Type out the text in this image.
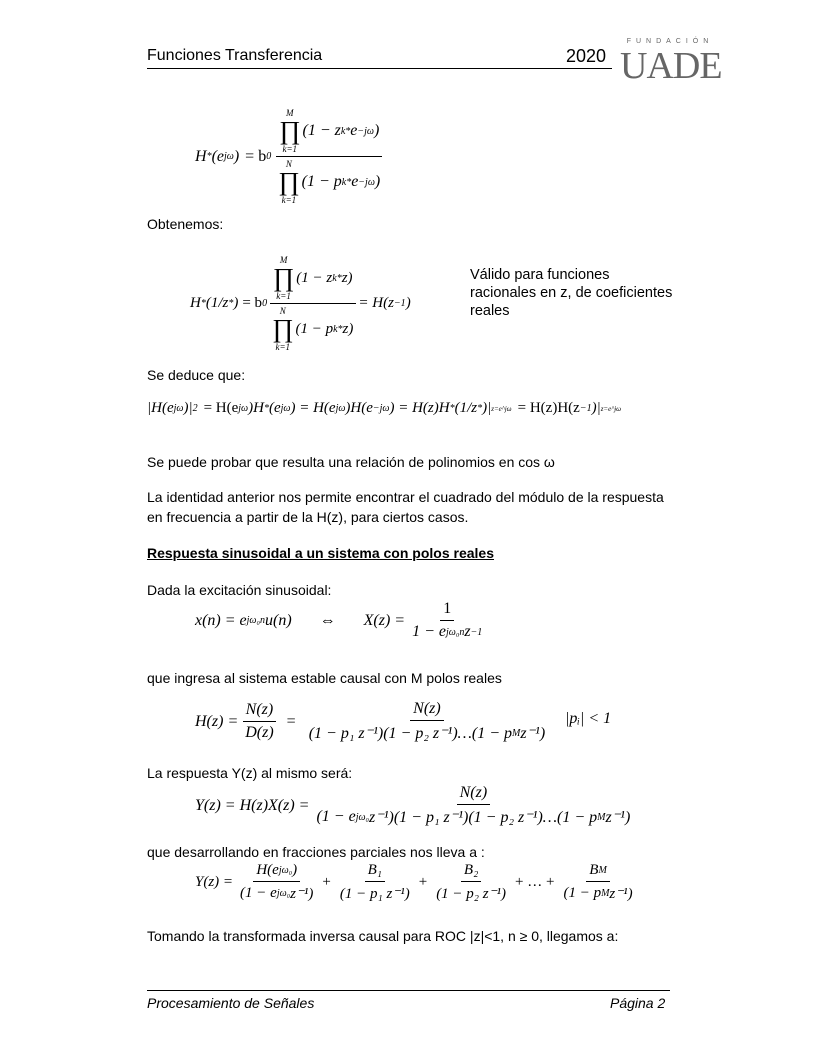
Funciones Transferencia	2020
FUNDACIÓN
UADE
H * (e jω ) = b 0 M
∏
k=1
(1 − z k * e −jω )
N
∏
k=1
(1 − p k * e −jω )
Obtenemos:
H * (1/z * ) = b 0 M
∏
k=1
(1 − z k * z)
N
∏
k=1
(1 − p k * z) = H(z −1 )
Válido para funciones
racionales en z, de coeficientes
reales
Se deduce que:
|H(e jω )| 2 = H(e jω )H * (e jω ) = H(e jω )H(e −jω ) = H(z)H * (1/z * )| z=e^jω = H(z)H(z −1 )| z=e^jω
Se puede probar que resulta una relación de polinomios en cos ω
La identidad anterior nos permite encontrar el cuadrado del módulo de la respuesta
en frecuencia a partir de la H(z), para ciertos casos.
Respuesta sinusoidal a un sistema con polos reales
Dada la excitación sinusoidal:
x(n) = e jω₀n u(n) ⇔ $X(z) = \frac{1}{\text{1 − e jω₀n z −1}}$
que ingresa al sistema estable causal con M polos reales
$H(z) = \frac{N(z)}{D(z)} = \frac{N(z)}{\text{(1 − p₁ z⁻¹)(1 − p₂ z⁻¹)…(1 − p M z⁻¹)}}$ |pᵢ| < 1
La respuesta Y(z) al mismo será:
$Y(z) = H(z)X(z) = \frac{N(z)}{\text{(1 − e jω₀ z⁻¹)(1 − p₁ z⁻¹)(1 − p₂ z⁻¹)…(1 − p M z⁻¹)}}$
que desarrollando en fracciones parciales nos lleva a :
$Y(z) = \frac{\text{H(e jω₀ )}}{\text{(1 − e jω₀ z⁻¹)}} + \frac{\text{B₁}}{\text{(1 − p₁ z⁻¹)}} + \frac{\text{B₂}}{\text{(1 − p₂ z⁻¹)}}$ + … + $\frac{\text{B M}}{\text{(1 − p M z⁻¹)}}$
Tomando la transformada inversa causal para ROC |z|<1, n ≥ 0, llegamos a:
Procesamiento de Señales	Página 2
